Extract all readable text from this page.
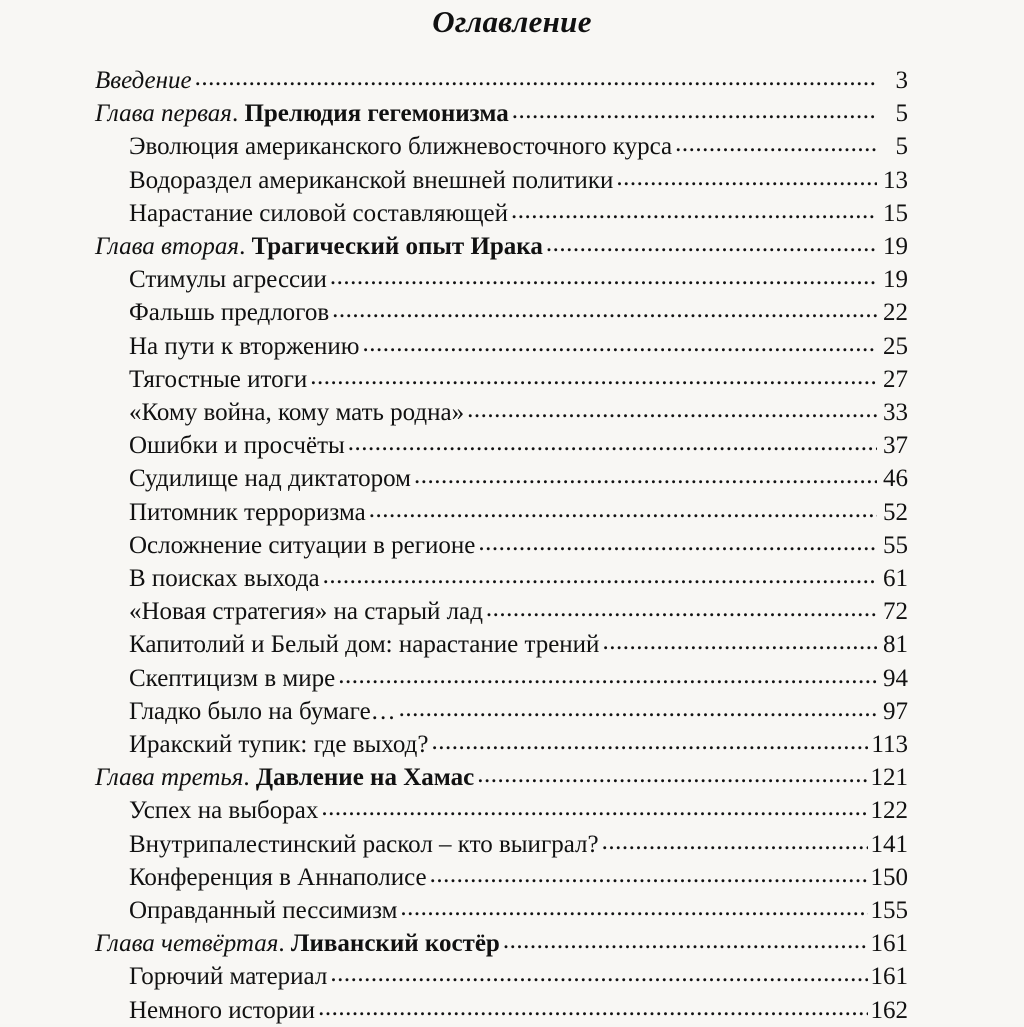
Оглавление
Введение .....	3
Глава первая. Прелюдия гегемонизма .....	5
Эволюция американского ближневосточного курса .....	5
Водораздел американской внешней политики .....	13
Нарастание силовой составляющей .....	15
Глава вторая. Трагический опыт Ирака .....	19
Стимулы агрессии .....	19
Фальшь предлогов .....	22
На пути к вторжению .....	25
Тягостные итоги .....	27
«Кому война, кому мать родна» .....	33
Ошибки и просчёты .....	37
Судилище над диктатором .....	46
Питомник терроризма .....	52
Осложнение ситуации в регионе .....	55
В поисках выхода .....	61
«Новая стратегия» на старый лад .....	72
Капитолий и Белый дом: нарастание трений .....	81
Скептицизм в мире .....	94
Гладко было на бумаге… .....	97
Иракский тупик: где выход? .....	113
Глава третья. Давление на Хамас .....	121
Успех на выборах .....	122
Внутрипалестинский раскол – кто выиграл? .....	141
Конференция в Аннаполисе .....	150
Оправданный пессимизм .....	155
Глава четвёртая. Ливанский костёр .....	161
Горючий материал .....	161
Немного истории .....	162
